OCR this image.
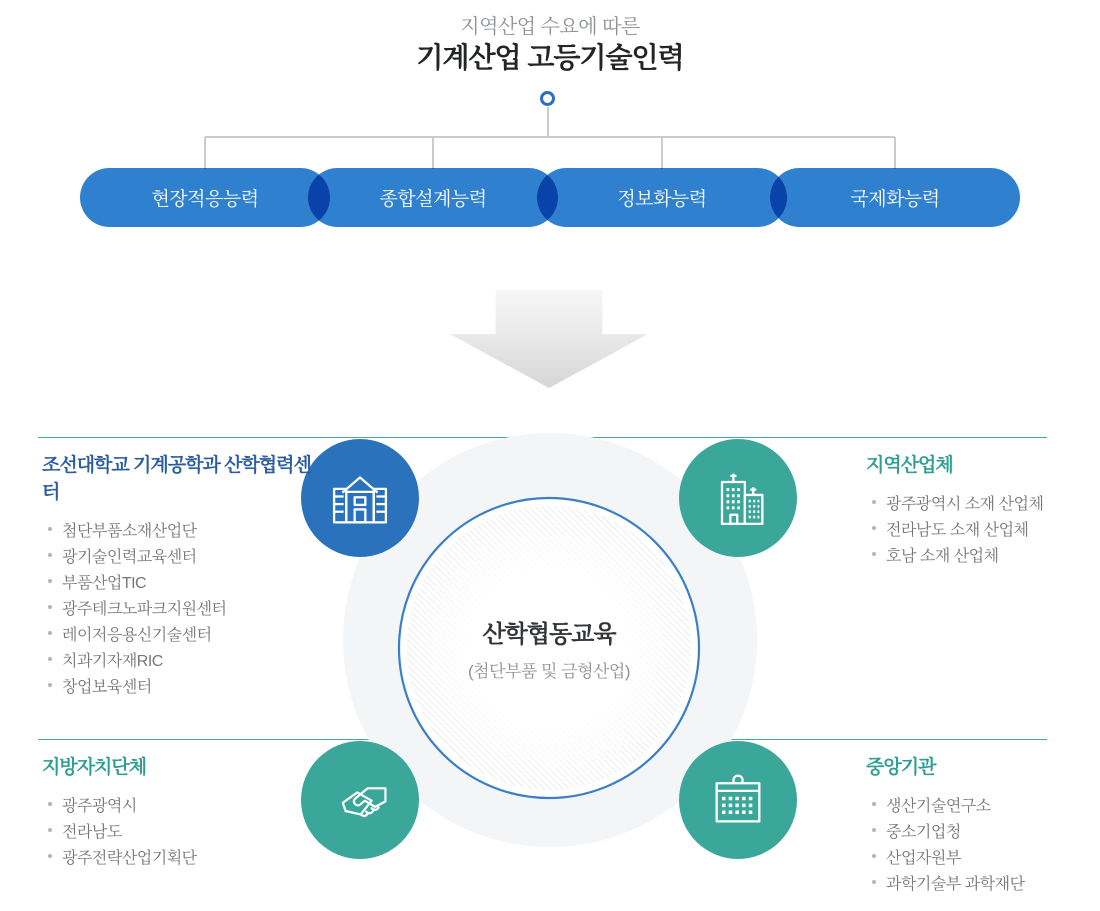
지역산업 수요에 따른
기계산업 고등기술인력
현장적응능력	종합설계능력	정보화능력	국제화능력
산학협동교육
(첨단부품 및 금형산업)
조선대학교 기계공학과 산학협력센터
첨단부품소재산업단
광기술인력교육센터
부품산업TIC
광주테크노파크지원센터
레이저응용신기술센터
치과기자재RIC
창업보육센터
지역산업체
광주광역시 소재 산업체
전라남도 소재 산업체
호남 소재 산업체
지방자치단체
광주광역시
전라남도
광주전략산업기획단
중앙기관
생산기술연구소
중소기업청
산업자원부
과학기술부 과학재단
